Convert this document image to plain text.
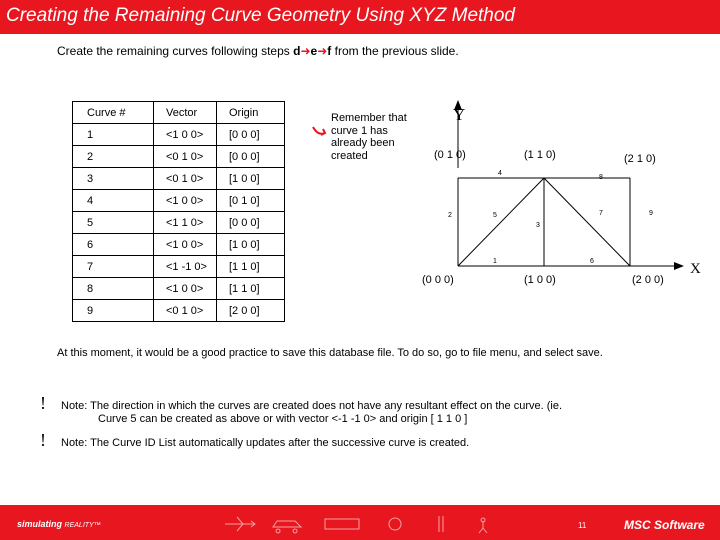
Creating the Remaining Curve Geometry Using XYZ Method
Create the remaining curves following steps d➜e➜f from the previous slide.
Curve #	Vector	Origin
1	<1 0 0>	[0 0 0]
2	<0 1 0>	[0 0 0]
3	<0 1 0>	[1 0 0]
4	<1 0 0>	[0 1 0]
5	<1 1 0>	[0 0 0]
6	<1 0 0>	[1 0 0]
7	<1 -1 0>	[1 1 0]
8	<1 0 0>	[1 1 0]
9	<0 1 0>	[2 0 0]
Remember that curve 1 has already been created
Y
X
(0 1 0)	(1 1 0)	(2 1 0)
(0 0 0)	(1 0 0)	(2 0 0)
1
2
3
4
5
6
7
8
9
At this moment, it would be a good practice to save this database file. To do so, go to file menu, and select save.
! Note: The direction in which the curves are created does not have any resultant effect on the curve. (ie.
Curve 5 can be created as above or with vector <-1 -1 0> and origin [ 1 1 0 ]
! Note: The Curve ID List automatically updates after the successive curve is created.
simulating REALITY™	11	MSC Software
